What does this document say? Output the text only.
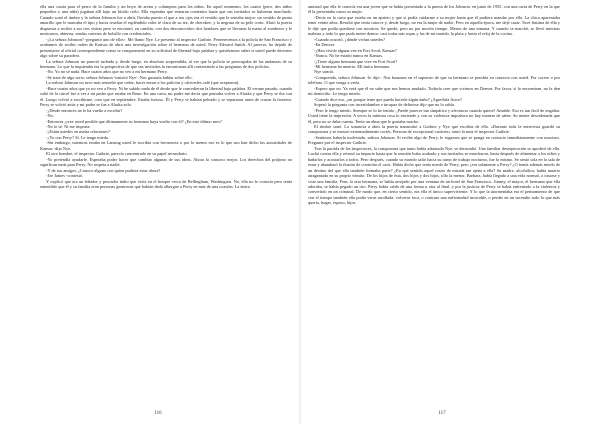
ella una casita para el perro de la familia y un hoyo de arena y columpios para los niños. En aquel momento, los cuatro (pero, dos niños pequeños y una niña) jugaban allí bajo un lúcido cielo. Ella esperaba que entraran contentos hasta que sus invitados se hubieran marchado. Cuando sonó el timbre y la señora Johnson fue a abrir, llevaba puesto el que a sus ojos era el vestido que le sentaba mejor: un vestido de punto amarillo que le marcaba el tipo y hacía resaltar el espléndido color té claro de su tez, de cherokee, y la negrura de su pelo corto. Abrió la puerta dispuesta a recibir a sus tres visitas pero se encontró, en cambio, con dos desconocidos: dos hombres que se llevaron la mano al sombrero y le mostraron, abiertas, sendas carteras de bolsillo con credenciales.

-¿La señora Johnson? -preguntó uno de ellos-. Me llamo Nye. Le presento al inspector Guthrie. Pertenecemos a la policía de San Francisco y acabamos de recibir orden de Kansas de abrir una investigación sobre el hermano de usted, Perry Edward Smith. Al parecer, ha dejado de presentarse al oficial correspondiente como se comprometió en su solicitud de libertad bajo palabra y quisiéramos saber si usted puede decirnos algo sobre su paradero.

La señora Johnson no pareció turbada y, desde luego, en absoluto sorprendida, al ver que la policía se preocupaba de las andanzas de su hermano. Lo que la inquietaba era la perspectiva de que sus invitados la encontraran allí contestando a las preguntas de dos policías.

-No. Yo no sé nada. Hace cuatro años que no veo a mi hermano Perry.

-Se trata de algo serio, señora Johnson -insistió Nye-. Nos gustaría hablar sobre ello.

La señora Johnson no tuvo más remedio que ceder, hacer entrar a los policías y ofrecerles café (que aceptaron).

-Hace cuatro años que yo no veo a Perry. Ni he sabido nada de él desde que le concedieron la libertad bajo palabra. El verano pasado, cuando salió de la cárcel fue a ver a mi padre que estaba en Reno. En una carta, mi padre me decía que pensaba volver a Alaska y que Perry se iba con él. Luego volvió a escribirme, creo que en septiembre. Estaba furioso. Él y Perry se habían peleado y se separaron antes de cruzar la frontera. Perry se volvió atrás y mi padre se fue a Alaska solo.

-¿Desde entonces no le ha vuelto a escribir?

-No.

-Entonces ¿cree usted posible que últimamente su hermano haya vuelto con él? ¿En este último mes?

-No lo sé. Ni me importa.

-¿Están ustedes en malas relaciones?

-¿Yo con Perry? Sí. Le tengo miedo.

-Sin embargo, mientras estaba en Lansing usted le escribía con frecuencia o por lo menos eso es lo que nos han dicho las autoridades de Kansas -dijo Nye.

El otro hombre, el inspector Guthrie, parecía concentrado en su papel secundario.

-Yo pretendía ayudarle. Esperaba poder hacer que cambiar algunas de sus ideas. Ahora lo conozco mejor. Los derechos del prójimo no significan nada para Perry. No respeta a nadie.

-Y de sus amigos, ¿Conoce alguno con quien pudiera estar ahora?

-Joe James -contestó.

Y explicó que era un leñador y pescador indio que vivía en el bosque cerca de Bellingham, Washington. No, ella no le conocía pero tenía entendido que él y su familia eran personas generosas que habían dado albergue a Perry en más de una ocasión. La única

116

amistad que ella le conocía era una joven que se había presentado a la puerta de los Johnson, en junio de 1955, con una carta de Perry en la que él la presentaba como su mujer.

-Decía en la carta que estaba en un aprieto y que si podía cuidarme a su mujer hasta que él pudiera mandar por ella. La chica aparentaba tener veinte años. Resultó que tenía catorce y, desde luego, no era la mujer de nadie. Pero en aquella época, me dejé cazar. Tuve lástima de ella y le dije que podía quedarse con nosotros. Se quedó, pero no por mucho tiempo. Menos de una semana. Y cuando se marchó, se llevó nuestras maletas y todo lo que pudo meter dentro: casi todas mis ropas y las de mi marido, la plata y hasta el reloj de la cocina.

-Cuando ocurrió, ¿dónde vivían ustedes?

-En Denver.

-¿Han vivido alguna vez en Fort Scott, Kansas?

-Nunca. No he estado nunca en Kansas.

-¿Tiene alguna hermana que vive en Fort Scott?

-Mi hermana ha muerto. Mi única hermana.

Nye sonrió.

-Comprenda, señora Johnson -le dijo-. Nos basamos en el supuesto de que su hermano se pondría en contacto con usted. Por correo o por teléfono. O que venga a verla.

-Espero que no. Ya verá que él no sabe que nos hemos mudado. Todavía cree que vivimos en Denver. Por favor, si lo encuentran, no le den mi domicilio. Le tengo miedo.

-Cuando dice eso, ¿en porque teme que pueda hacerle algún daño? ¿Agredirla físico?

Sopesó la pregunta con incertidumbre e incapaz de definirse dijo que no lo sabía.

-Pero le tengo miedo. Siempre se lo he tenido. ¡Puede parecer tan simpático y afectuoso cuando quiere! Amable. Eso es tan fácil de engañar. Usted tiene la impresión. A veces la mínima cosa lo enciende y con su violencia impulsiva no hay manera de saber. Su mente desordenada que él, pero no se daba cuenta. Tenía un alma que le gustaba mucho.

El timbre sonó. La sonancia a abrir la puerta transmitió a Guthrie y Nye que escribía de ella. «Durante toda la entrevista guardó su compostura y se mostró extremadamente cortés. Persona de excepcional carácter» tomó la nota el inspector Guthrie.

-Sentimos haberla molestado, señora Johnson. Si recibe algo de Perry, le rogamos que se ponga en contacto inmediatamente con nosotros. Pregunte por el inspector Guthrie.

Tras la partida de los inspectores, la compostura que tanto había admirado Nye, se derrumbó. Una familiar desesperación se apoderó de ella. Luchó contra ella y retrasó su impacto hasta que la reunión hubo acabado y sus invitados se marcharon, hasta después de alimentar a los niños y bañarlos y acostarlos a todos. Pero después, cuando su marido salió hacia su turno de trabajo nocturno, fue lo mismo. Se sentó sola en la sala de estar y abandonó la ilusión de controlar el caos. Había dicho que tenía miedo de Perry, pero ¿era solamente a Perry? ¿O temía además miedo de un destino del que ella también formaba parte? ¿En qué sentido aquel rostro de mirada tan ajena a ella? Su madre, alcohólica, había muerto atragantada en su propio vómito. De los hijos de ésta, dos hijos y dos hijas, sólo la menor, Barbara, había llegado a una vida normal, a casarse y criar una familia. Fern, la otra hermana, se había arrojado por una ventana de un hotel de San Francisco. Jimmy, el mayor, el hermano que ella adoraba, se había pegado un tiro. Perry había caído de una forma u otra al final, y por la justicia de Perry se había enfrentado a la violencia y convertido en un criminal. De modo que, en cierto sentido, era ella el único superviviente. Y lo que la atormentaba era el pensamiento de que con el tiempo también ella podía verse arrollada: volverse loca, o contraer una enfermedad incurable, o perder en un incendio todo lo que más quería, hogar, esposo, hijos.

117
